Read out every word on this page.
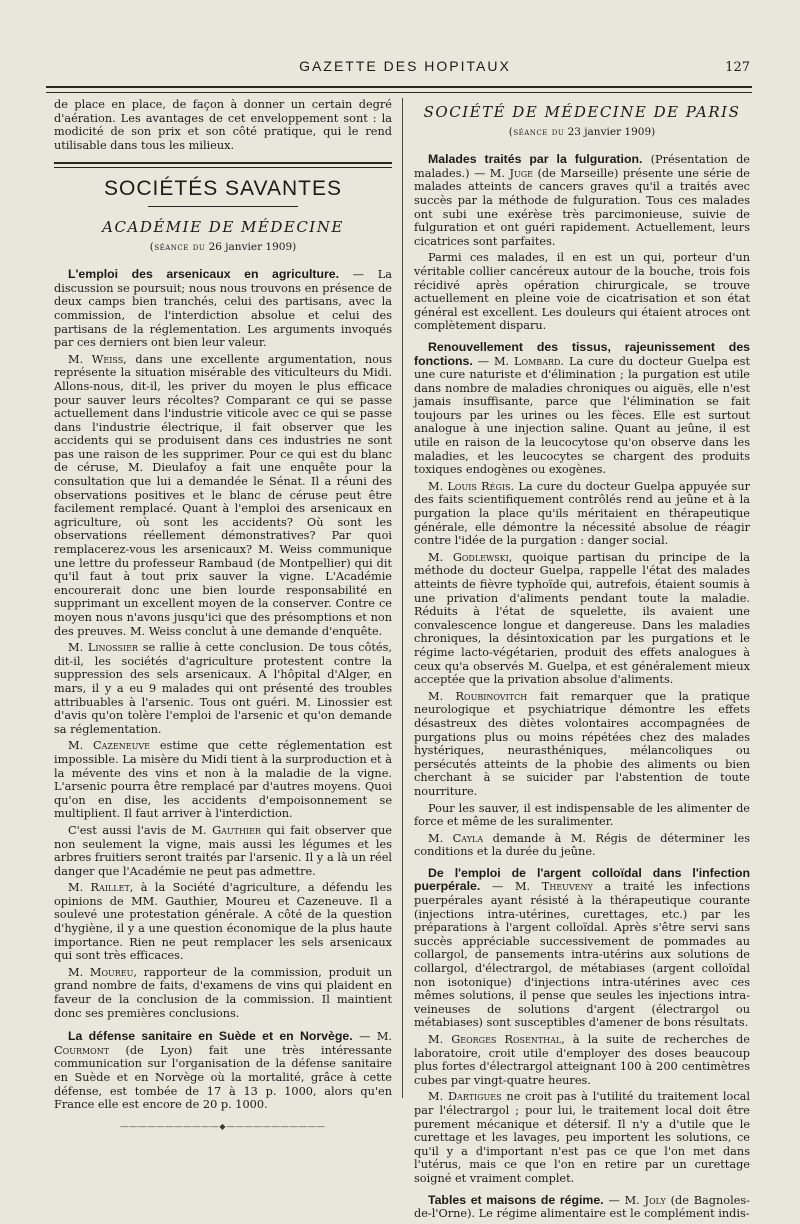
GAZETTE DES HOPITAUX	127

de place en place, de façon à donner un certain degré d'aération. Les avantages de cet enveloppement sont : la modicité de son prix et son côté pratique, qui le rend utilisable dans tous les milieux.

SOCIÉTÉS SAVANTES
ACADÉMIE DE MÉDECINE
(séance du 26 janvier 1909)

L'emploi des arsenicaux en agriculture. — La discussion se poursuit; nous nous trouvons en présence de deux camps bien tranchés, celui des partisans, avec la commission, de l'interdiction absolue et celui des partisans de la réglementation. Les arguments invoqués par ces derniers ont bien leur valeur.

M. Weiss, dans une excellente argumentation, nous représente la situation misérable des viticulteurs du Midi. Allons-nous, dit-il, les priver du moyen le plus efficace pour sauver leurs récoltes? Comparant ce qui se passe actuellement dans l'industrie viticole avec ce qui se passe dans l'industrie électrique, il fait observer que les accidents qui se produisent dans ces industries ne sont pas une raison de les supprimer. Pour ce qui est du blanc de céruse, M. Dieulafoy a fait une enquête pour la consultation que lui a demandée le Sénat. Il a réuni des observations positives et le blanc de céruse peut être facilement remplacé. Quant à l'emploi des arsenicaux en agriculture, où sont les accidents? Où sont les observations réellement démonstratives? Par quoi remplacerez-vous les arsenicaux? M. Weiss communique une lettre du professeur Rambaud (de Montpellier) qui dit qu'il faut à tout prix sauver la vigne. L'Académie encourerait donc une bien lourde responsabilité en supprimant un excellent moyen de la conserver. Contre ce moyen nous n'avons jusqu'ici que des présomptions et non des preuves. M. Weiss conclut à une demande d'enquête.

M. Linossier se rallie à cette conclusion. De tous côtés, dit-il, les sociétés d'agriculture protestent contre la suppression des sels arsenicaux. A l'hôpital d'Alger, en mars, il y a eu 9 malades qui ont présenté des troubles attribuables à l'arsenic. Tous ont guéri. M. Linossier est d'avis qu'on tolère l'emploi de l'arsenic et qu'on demande sa réglementation.

M. Cazeneuve estime que cette réglementation est impossible. La misère du Midi tient à la surproduction et à la mévente des vins et non à la maladie de la vigne. L'arsenic pourra être remplacé par d'autres moyens. Quoi qu'on en dise, les accidents d'empoisonnement se multiplient. Il faut arriver à l'interdiction.

C'est aussi l'avis de M. Gauthier qui fait observer que non seulement la vigne, mais aussi les légumes et les arbres fruitiers seront traités par l'arsenic. Il y a là un réel danger que l'Académie ne peut pas admettre.

M. Raillet, à la Société d'agriculture, a défendu les opinions de MM. Gauthier, Moureu et Cazeneuve. Il a soulevé une protestation générale. A côté de la question d'hygiène, il y a une question économique de la plus haute importance. Rien ne peut remplacer les sels arsenicaux qui sont très efficaces.

M. Moureu, rapporteur de la commission, produit un grand nombre de faits, d'examens de vins qui plaident en faveur de la conclusion de la commission. Il maintient donc ses premières conclusions.

La défense sanitaire en Suède et en Norvège. — M. Courmont (de Lyon) fait une très intéressante communication sur l'organisation de la défense sanitaire en Suède et en Norvège où la mortalité, grâce à cette défense, est tombée de 17 à 13 p. 1000, alors qu'en France elle est encore de 20 p. 1000.

―――――――――――◆―――――――――――
SOCIÉTÉ DE MÉDECINE DE PARIS
(séance du 23 janvier 1909)

Malades traités par la fulguration. (Présentation de malades.) — M. Juge (de Marseille) présente une série de malades atteints de cancers graves qu'il a traités avec succès par la méthode de fulguration. Tous ces malades ont subi une exérèse très parcimonieuse, suivie de fulguration et ont guéri rapidement. Actuellement, leurs cicatrices sont parfaites.

Parmi ces malades, il en est un qui, porteur d'un véritable collier cancéreux autour de la bouche, trois fois récidivé après opération chirurgicale, se trouve actuellement en pleine voie de cicatrisation et son état général est excellent. Les douleurs qui étaient atroces ont complètement disparu.

Renouvellement des tissus, rajeunissement des fonctions. — M. Lombard. La cure du docteur Guelpa est une cure naturiste et d'élimination ; la purgation est utile dans nombre de maladies chroniques ou aiguës, elle n'est jamais insuffisante, parce que l'élimination se fait toujours par les urines ou les fèces. Elle est surtout analogue à une injection saline. Quant au jeûne, il est utile en raison de la leucocytose qu'on observe dans les maladies, et les leucocytes se chargent des produits toxiques endogènes ou exogènes.

M. Louis Régis. La cure du docteur Guelpa appuyée sur des faits scientifiquement contrôlés rend au jeûne et à la purgation la place qu'ils méritaient en thérapeutique générale, elle démontre la nécessité absolue de réagir contre l'idée de la purgation : danger social.

M. Godlewski, quoique partisan du principe de la méthode du docteur Guelpa, rappelle l'état des malades atteints de fièvre typhoïde qui, autrefois, étaient soumis à une privation d'aliments pendant toute la maladie. Réduits à l'état de squelette, ils avaient une convalescence longue et dangereuse. Dans les maladies chroniques, la désintoxication par les purgations et le régime lacto-végétarien, produit des effets analogues à ceux qu'a observés M. Guelpa, et est généralement mieux acceptée que la privation absolue d'aliments.

M. Roubinovitch fait remarquer que la pratique neurologique et psychiatrique démontre les effets désastreux des diètes volontaires accompagnées de purgations plus ou moins répétées chez des malades hystériques, neurasthéniques, mélancoliques ou persécutés atteints de la phobie des aliments ou bien cherchant à se suicider par l'abstention de toute nourriture.

Pour les sauver, il est indispensable de les alimenter de force et même de les suralimenter.

M. Cayla demande à M. Régis de déterminer les conditions et la durée du jeûne.

De l'emploi de l'argent colloïdal dans l'infection puerpérale. — M. Theuveny a traité les infections puerpérales ayant résisté à la thérapeutique courante (injections intra-utérines, curettages, etc.) par les préparations à l'argent colloïdal. Après s'être servi sans succès appréciable successivement de pommades au collargol, de pansements intra-utérins aux solutions de collargol, d'électrargol, de métabiases (argent colloïdal non isotonique) d'injections intra-utérines avec ces mêmes solutions, il pense que seules les injections intra-veineuses de solutions d'argent (électrargol ou métabiases) sont susceptibles d'amener de bons résultats.

M. Georges Rosenthal, à la suite de recherches de laboratoire, croit utile d'employer des doses beaucoup plus fortes d'électrargol atteignant 100 à 200 centimètres cubes par vingt-quatre heures.

M. Dartigues ne croit pas à l'utilité du traitement local par l'électrargol ; pour lui, le traitement local doit être purement mécanique et détersif. Il n'y a d'utile que le curettage et les lavages, peu importent les solutions, ce qu'il y a d'important n'est pas ce que l'on met dans l'utérus, mais ce que l'on en retire par un curettage soigné et vraiment complet.

Tables et maisons de régime. — M. Joly (de Bagnoles-de-l'Orne). Le régime alimentaire est le complément indis-
